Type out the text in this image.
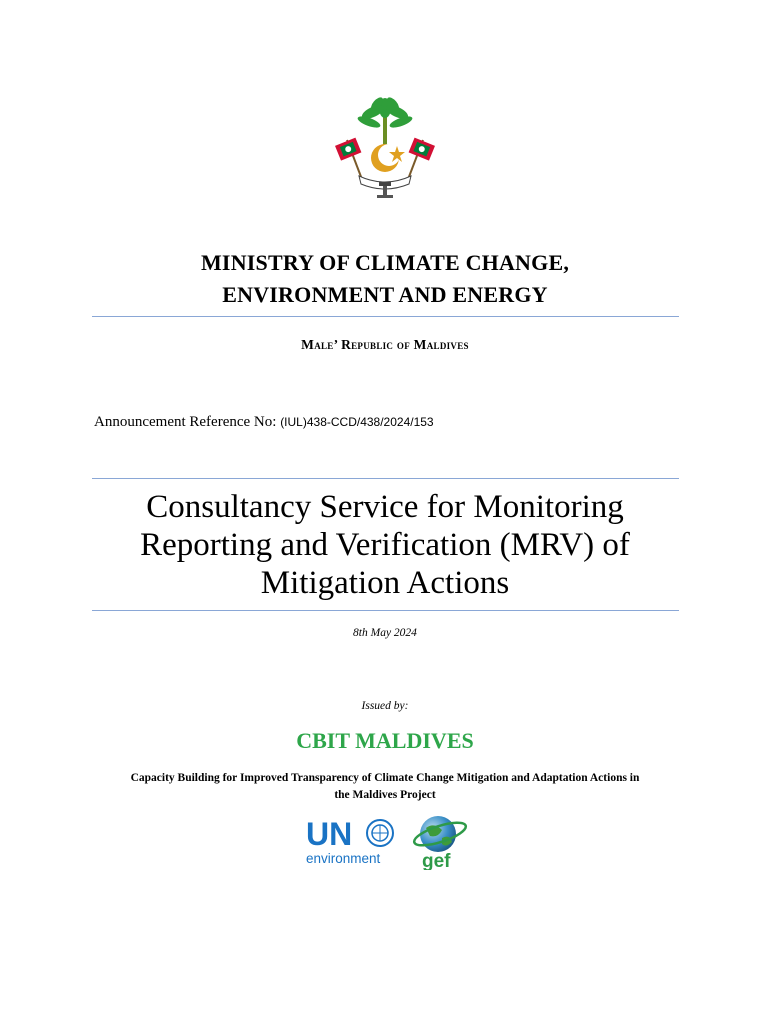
MINISTRY OF CLIMATE CHANGE,
ENVIRONMENT AND ENERGY
Male’ Republic of Maldives
Announcement Reference No: (IUL)438-CCD/438/2024/153
Consultancy Service for Monitoring
Reporting and Verification (MRV) of
Mitigation Actions
8th May 2024
Issued by:
CBIT MALDIVES
Capacity Building for Improved Transparency of Climate Change Mitigation and Adaptation Actions in
the Maldives Project
UN
environment gef
